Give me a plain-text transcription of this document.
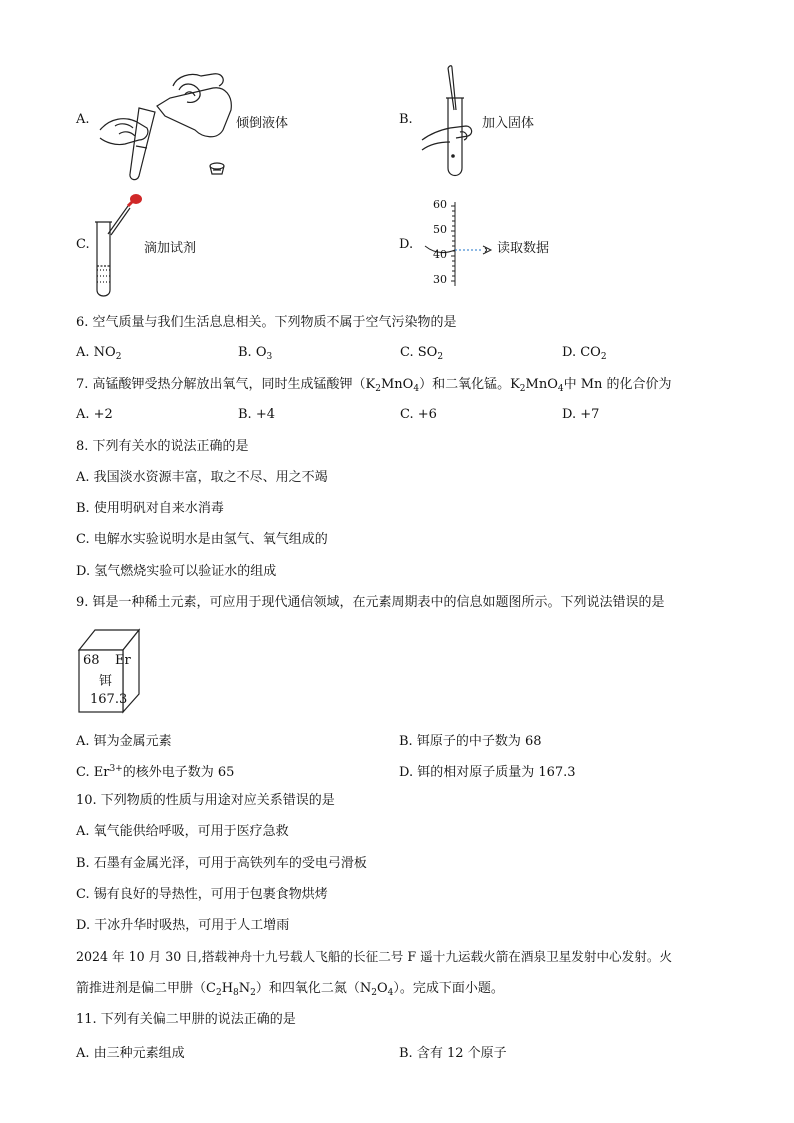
A.	倾倒液体	B.	加入固体
C.	滴加试剂	D.
60
50
40
30
读取数据
6. 空气质量与我们生活息息相关。下列物质不属于空气污染物的是
A. $NO_2$	B. $O_3$	C. $SO_2$	D. $CO_2$
7. 高锰酸钾受热分解放出氧气，同时生成锰酸钾$(K_2MnO_4)$和二氧化锰。$K_2MnO_4$中 Mn 的化合价为
A. +2	B. +4	C. +6	D. +7
8. 下列有关水的说法正确的是
A. 我国淡水资源丰富，取之不尽、用之不竭
B. 使用明矾对自来水消毒
C. 电解水实验说明水是由氢气、氧气组成的
D. 氢气燃烧实验可以验证水的组成
9. 铒是一种稀土元素，可应用于现代通信领域，在元素周期表中的信息如题图所示。下列说法错误的是
68 Er
铒
167.3
A. 铒为金属元素	B. 铒原子的中子数为 68
C. $Er^{3+}$的核外电子数为 65	D. 铒的相对原子质量为 167.3
10. 下列物质的性质与用途对应关系错误的是
A. 氧气能供给呼吸，可用于医疗急救
B. 石墨有金属光泽，可用于高铁列车的受电弓滑板
C. 锡有良好的导热性，可用于包裹食物烘烤
D. 干冰升华时吸热，可用于人工增雨
2024 年 10 月 30 日,搭载神舟十九号载人飞船的长征二号 F 遥十九运载火箭在酒泉卫星发射中心发射。火
箭推进剂是偏二甲肼$(C_2H_8N_2)$和四氧化二氮$(N_2O_4)$。完成下面小题。
11. 下列有关偏二甲肼的说法正确的是
A. 由三种元素组成	B. 含有 12 个原子
